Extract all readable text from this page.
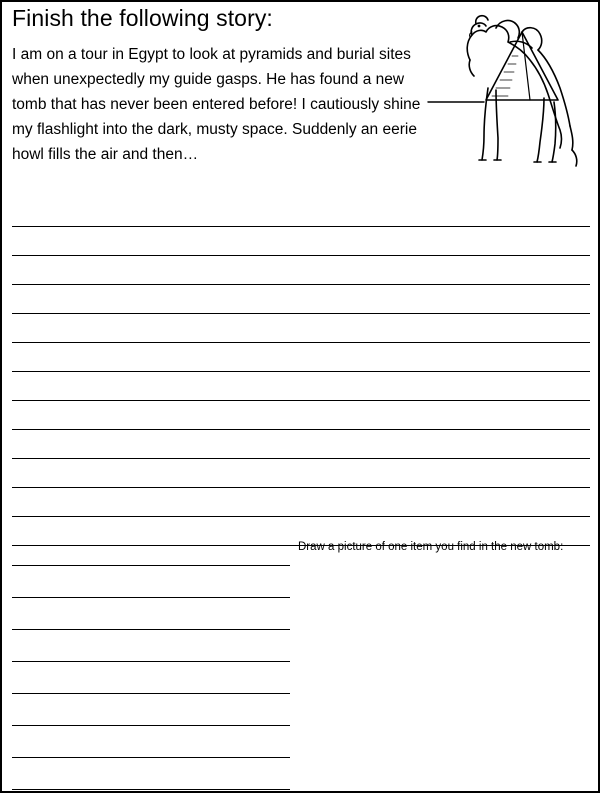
Finish the following story:
I am on a tour in Egypt to look at pyramids and burial sites when unexpectedly my guide gasps. He has found a new tomb that has never been entered before! I cautiously shine my flashlight into the dark, musty space. Suddenly an eerie howl fills the air and then…
Draw a picture of one item you find in the new tomb:
